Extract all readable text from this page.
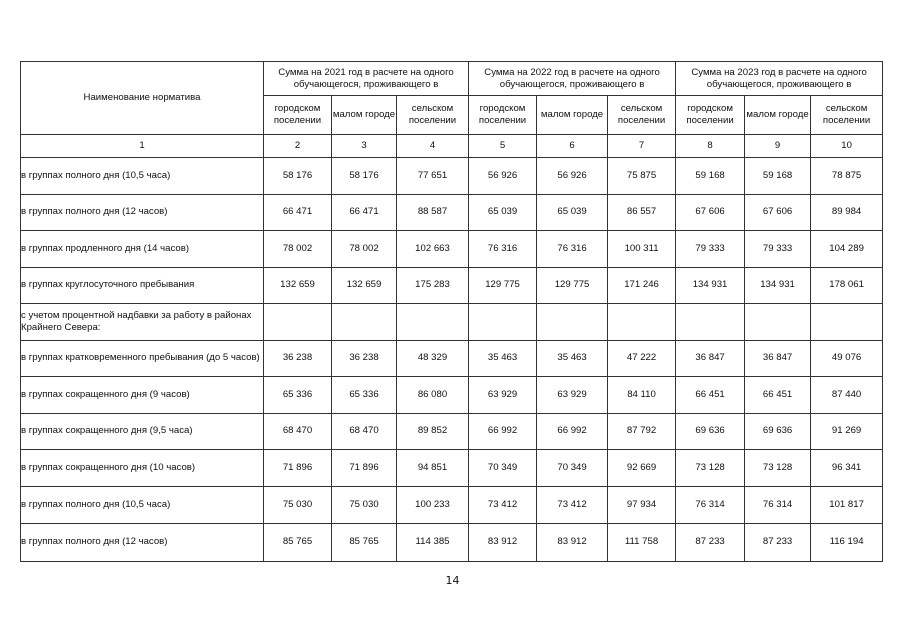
Наименование норматива	Сумма на 2021 год в расчете на одного обучающегося, проживающего в			Сумма на 2022 год в расчете на одного обучающегося, проживающего в			Сумма на 2023 год в расчете на одного обучающегося, проживающего в		
	городском поселении	малом городе	сельском поселении	городском поселении	малом городе	сельском поселении	городском поселении	малом городе	сельском поселении
1	2	3	4	5	6	7	8	9	10
в группах полного дня (10,5 часа)	58 176	58 176	77 651	56 926	56 926	75 875	59 168	59 168	78 875
в группах полного дня (12 часов)	66 471	66 471	88 587	65 039	65 039	86 557	67 606	67 606	89 984
в группах продленного дня (14 часов)	78 002	78 002	102 663	76 316	76 316	100 311	79 333	79 333	104 289
в группах круглосуточного пребывания	132 659	132 659	175 283	129 775	129 775	171 246	134 931	134 931	178 061
с учетом процентной надбавки за работу в районах Крайнего Севера:									
в группах кратковременного пребывания (до 5 часов)	36 238	36 238	48 329	35 463	35 463	47 222	36 847	36 847	49 076
в группах сокращенного дня (9 часов)	65 336	65 336	86 080	63 929	63 929	84 110	66 451	66 451	87 440
в группах сокращенного дня (9,5 часа)	68 470	68 470	89 852	66 992	66 992	87 792	69 636	69 636	91 269
в группах сокращенного дня (10 часов)	71 896	71 896	94 851	70 349	70 349	92 669	73 128	73 128	96 341
в группах полного дня (10,5 часа)	75 030	75 030	100 233	73 412	73 412	97 934	76 314	76 314	101 817
в группах полного дня (12 часов)	85 765	85 765	114 385	83 912	83 912	111 758	87 233	87 233	116 194
14
